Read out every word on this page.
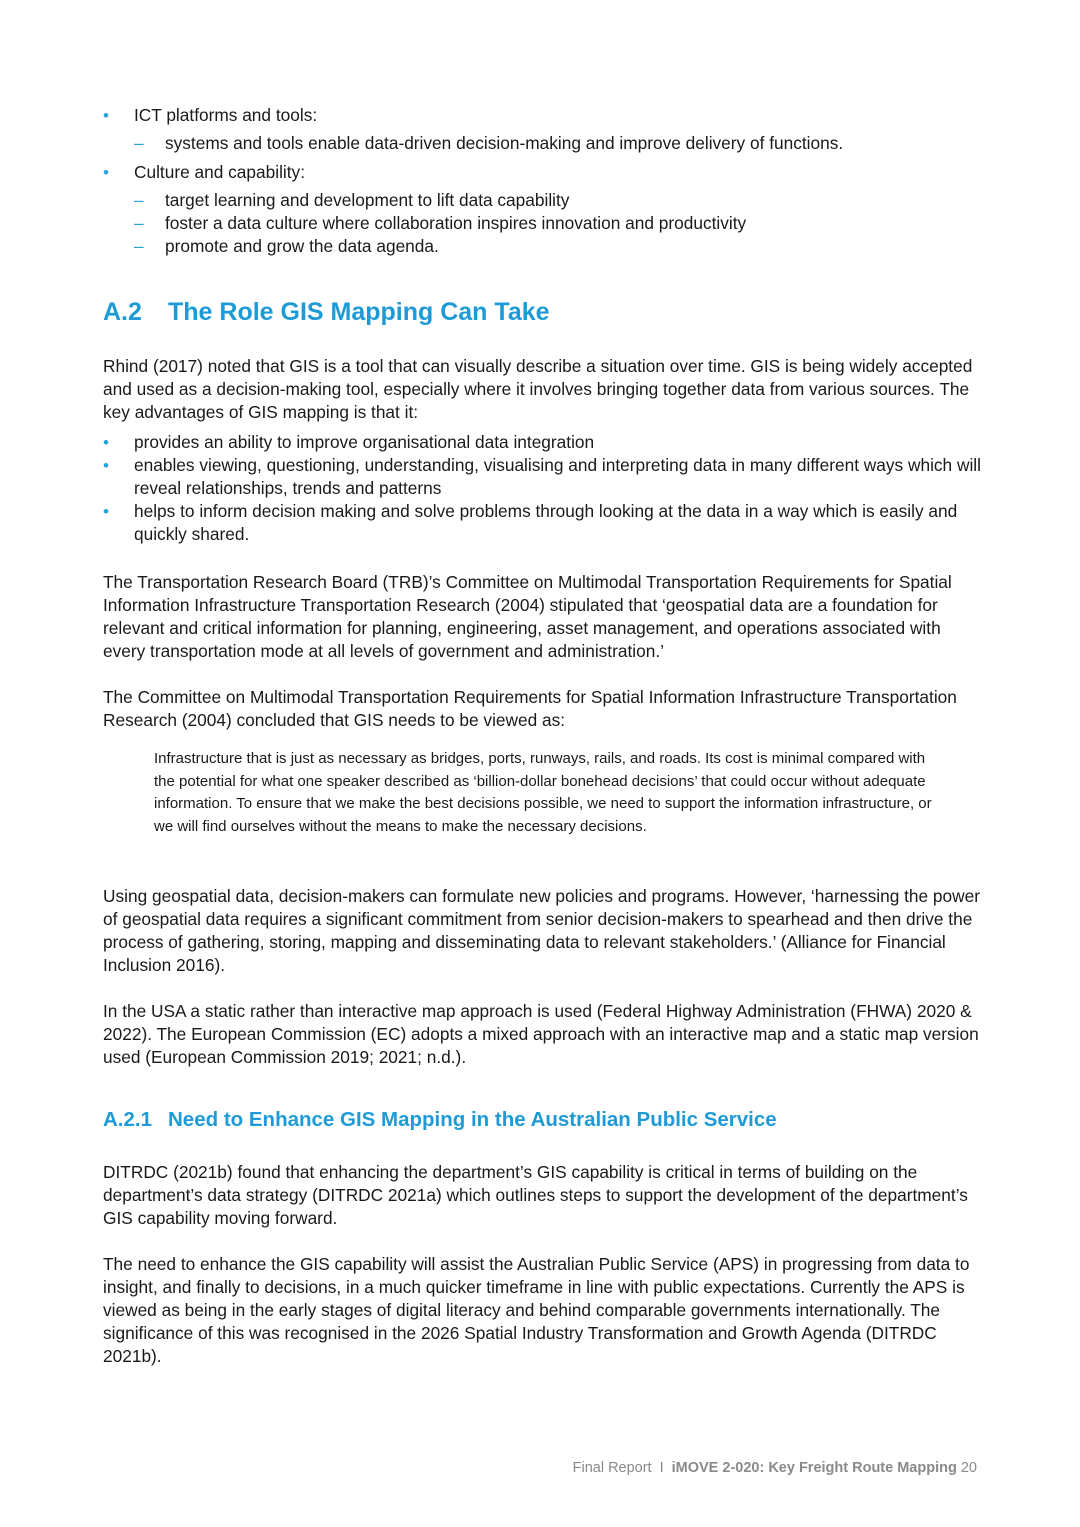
• ICT platforms and tools:
– systems and tools enable data-driven decision-making and improve delivery of functions.
• Culture and capability:
– target learning and development to lift data capability
– foster a data culture where collaboration inspires innovation and productivity
– promote and grow the data agenda.
A.2 The Role GIS Mapping Can Take

Rhind (2017) noted that GIS is a tool that can visually describe a situation over time. GIS is being widely accepted and used as a decision-making tool, especially where it involves bringing together data from various sources. The key advantages of GIS mapping is that it:

• provides an ability to improve organisational data integration
• enables viewing, questioning, understanding, visualising and interpreting data in many different ways which will reveal relationships, trends and patterns
• helps to inform decision making and solve problems through looking at the data in a way which is easily and quickly shared.

The Transportation Research Board (TRB)’s Committee on Multimodal Transportation Requirements for Spatial Information Infrastructure Transportation Research (2004) stipulated that ‘geospatial data are a foundation for relevant and critical information for planning, engineering, asset management, and operations associated with every transportation mode at all levels of government and administration.’

The Committee on Multimodal Transportation Requirements for Spatial Information Infrastructure Transportation Research (2004) concluded that GIS needs to be viewed as:

Infrastructure that is just as necessary as bridges, ports, runways, rails, and roads. Its cost is minimal compared with the potential for what one speaker described as ‘billion-dollar bonehead decisions’ that could occur without adequate information. To ensure that we make the best decisions possible, we need to support the information infrastructure, or we will find ourselves without the means to make the necessary decisions.

Using geospatial data, decision-makers can formulate new policies and programs. However, ‘harnessing the power of geospatial data requires a significant commitment from senior decision-makers to spearhead and then drive the process of gathering, storing, mapping and disseminating data to relevant stakeholders.’ (Alliance for Financial Inclusion 2016).

In the USA a static rather than interactive map approach is used (Federal Highway Administration (FHWA) 2020 & 2022). The European Commission (EC) adopts a mixed approach with an interactive map and a static map version used (European Commission 2019; 2021; n.d.).

A.2.1 Need to Enhance GIS Mapping in the Australian Public Service

DITRDC (2021b) found that enhancing the department’s GIS capability is critical in terms of building on the department’s data strategy (DITRDC 2021a) which outlines steps to support the development of the department’s GIS capability moving forward.

The need to enhance the GIS capability will assist the Australian Public Service (APS) in progressing from data to insight, and finally to decisions, in a much quicker timeframe in line with public expectations. Currently the APS is viewed as being in the early stages of digital literacy and behind comparable governments internationally. The significance of this was recognised in the 2026 Spatial Industry Transformation and Growth Agenda (DITRDC 2021b).

Final Report I iMOVE 2-020: Key Freight Route Mapping 20
